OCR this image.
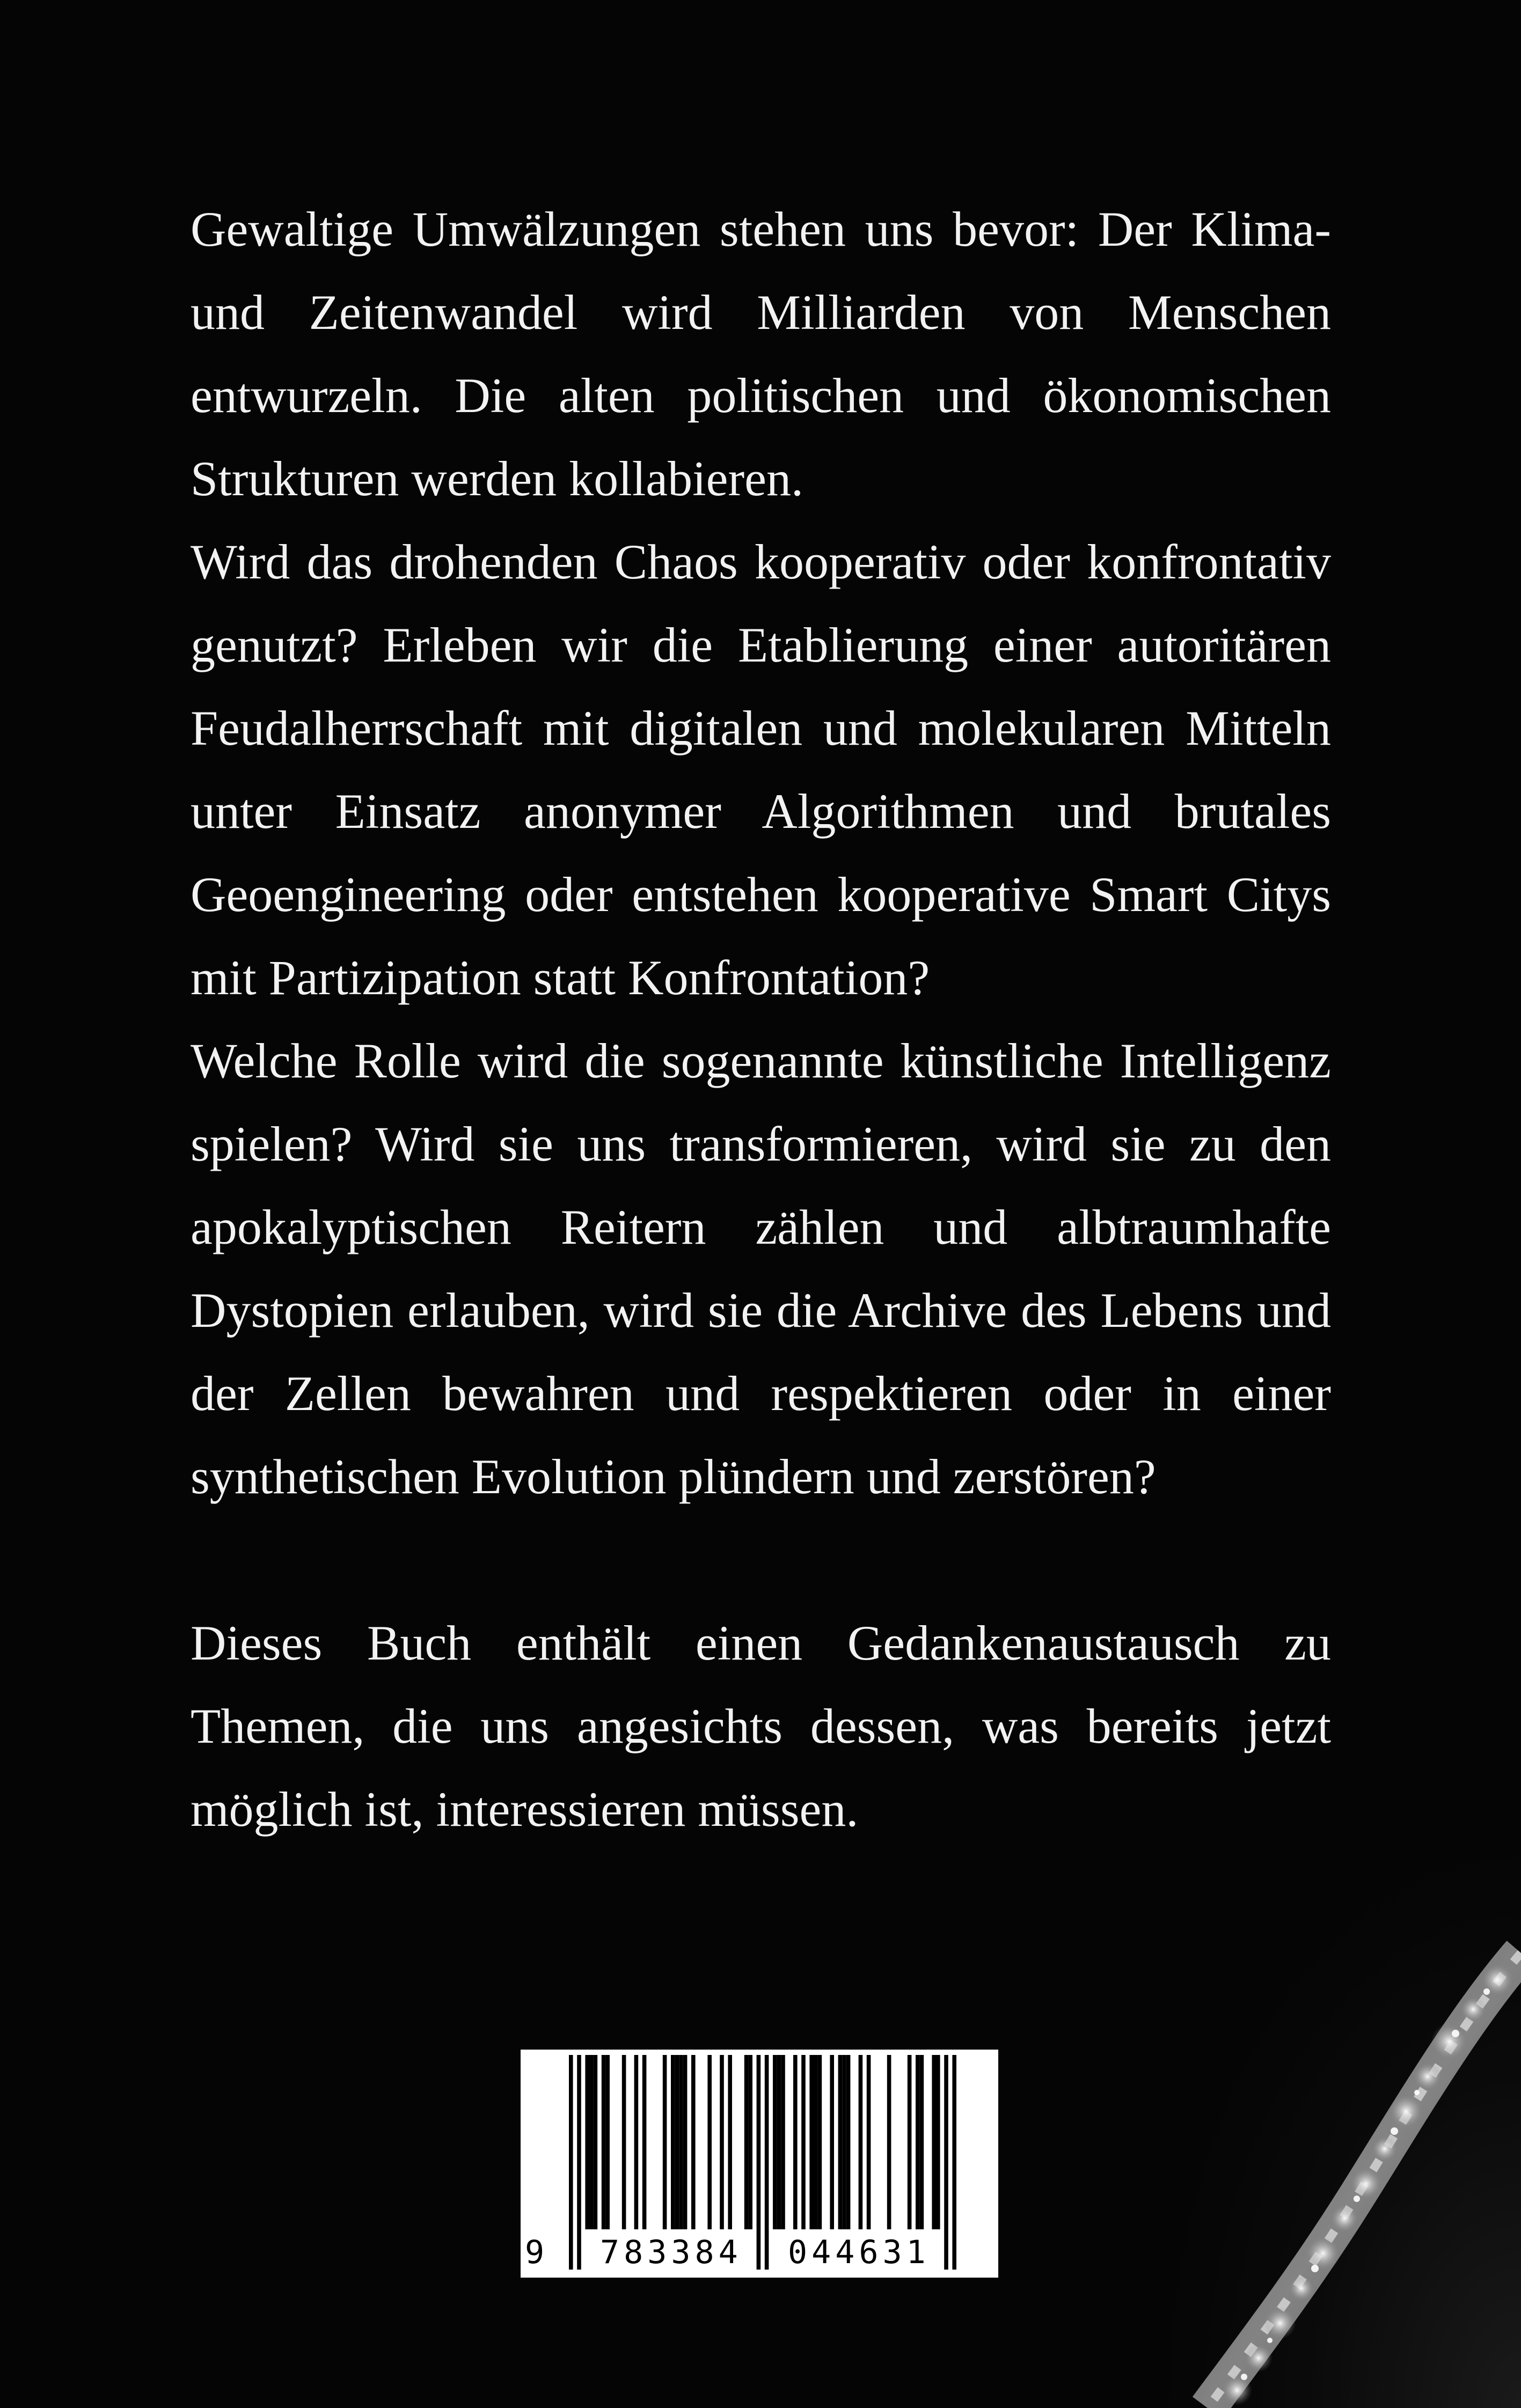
Gewaltige Umwälzungen stehen uns bevor: Der Klima- und Zeitenwandel wird Milliarden von Menschen entwurzeln. Die alten politischen und ökonomischen Strukturen werden kollabieren.

Wird das drohenden Chaos kooperativ oder konfrontativ genutzt? Erleben wir die Etablierung einer autoritären Feudalherrschaft mit digitalen und molekularen Mitteln unter Einsatz anonymer Algorithmen und brutales Geoengineering oder entstehen kooperative Smart Citys mit Partizipation statt Konfrontation?

Welche Rolle wird die sogenannte künstliche Intelligenz spielen? Wird sie uns transformieren, wird sie zu den apokalyptischen Reitern zählen und albtraumhafte Dystopien erlauben, wird sie die Archive des Lebens und der Zellen bewahren und respektieren oder in einer synthetischen Evolution plündern und zerstören?

Dieses Buch enthält einen Gedankenaustausch zu Themen, die uns angesichts dessen, was bereits jetzt möglich ist, interessieren müssen.

9 783384 044631
